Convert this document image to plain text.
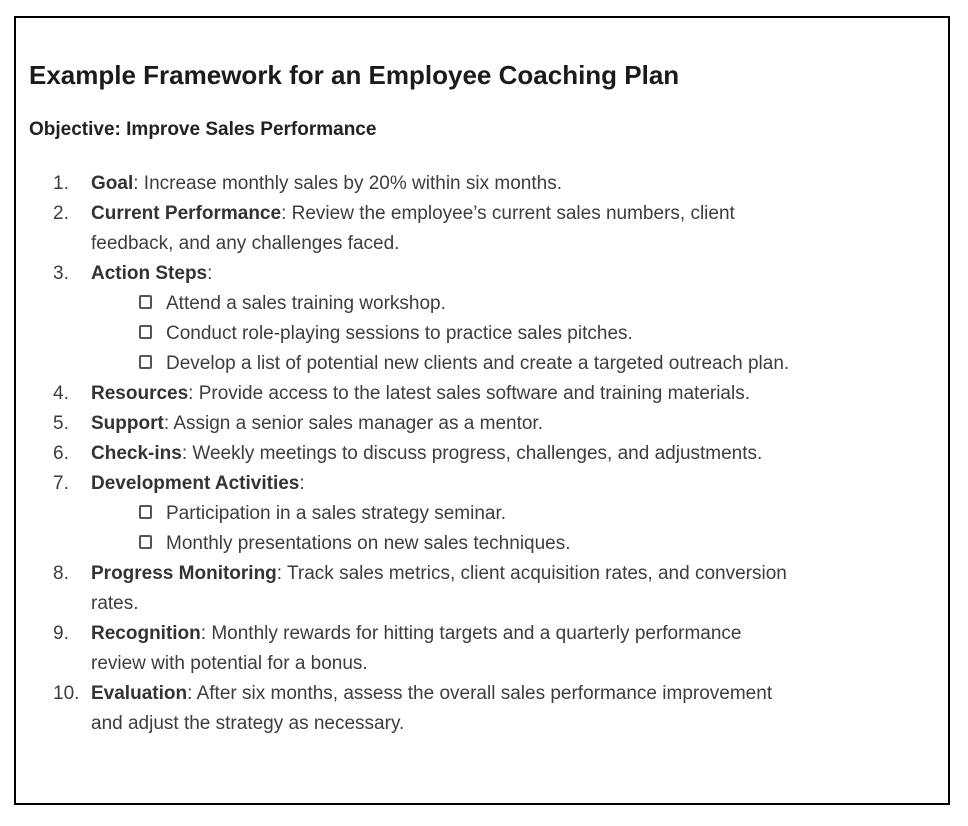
Example Framework for an Employee Coaching Plan
Objective: Improve Sales Performance
1.	Goal: Increase monthly sales by 20% within six months.
2.	Current Performance: Review the employee’s current sales numbers, client
feedback, and any challenges faced.
3.	Action Steps:
Attend a sales training workshop.
Conduct role-playing sessions to practice sales pitches.
Develop a list of potential new clients and create a targeted outreach plan.
4.	Resources: Provide access to the latest sales software and training materials.
5.	Support: Assign a senior sales manager as a mentor.
6.	Check-ins: Weekly meetings to discuss progress, challenges, and adjustments.
7.	Development Activities:
Participation in a sales strategy seminar.
Monthly presentations on new sales techniques.
8.	Progress Monitoring: Track sales metrics, client acquisition rates, and conversion
rates.
9.	Recognition: Monthly rewards for hitting targets and a quarterly performance
review with potential for a bonus.
10. Evaluation: After six months, assess the overall sales performance improvement
and adjust the strategy as necessary.
